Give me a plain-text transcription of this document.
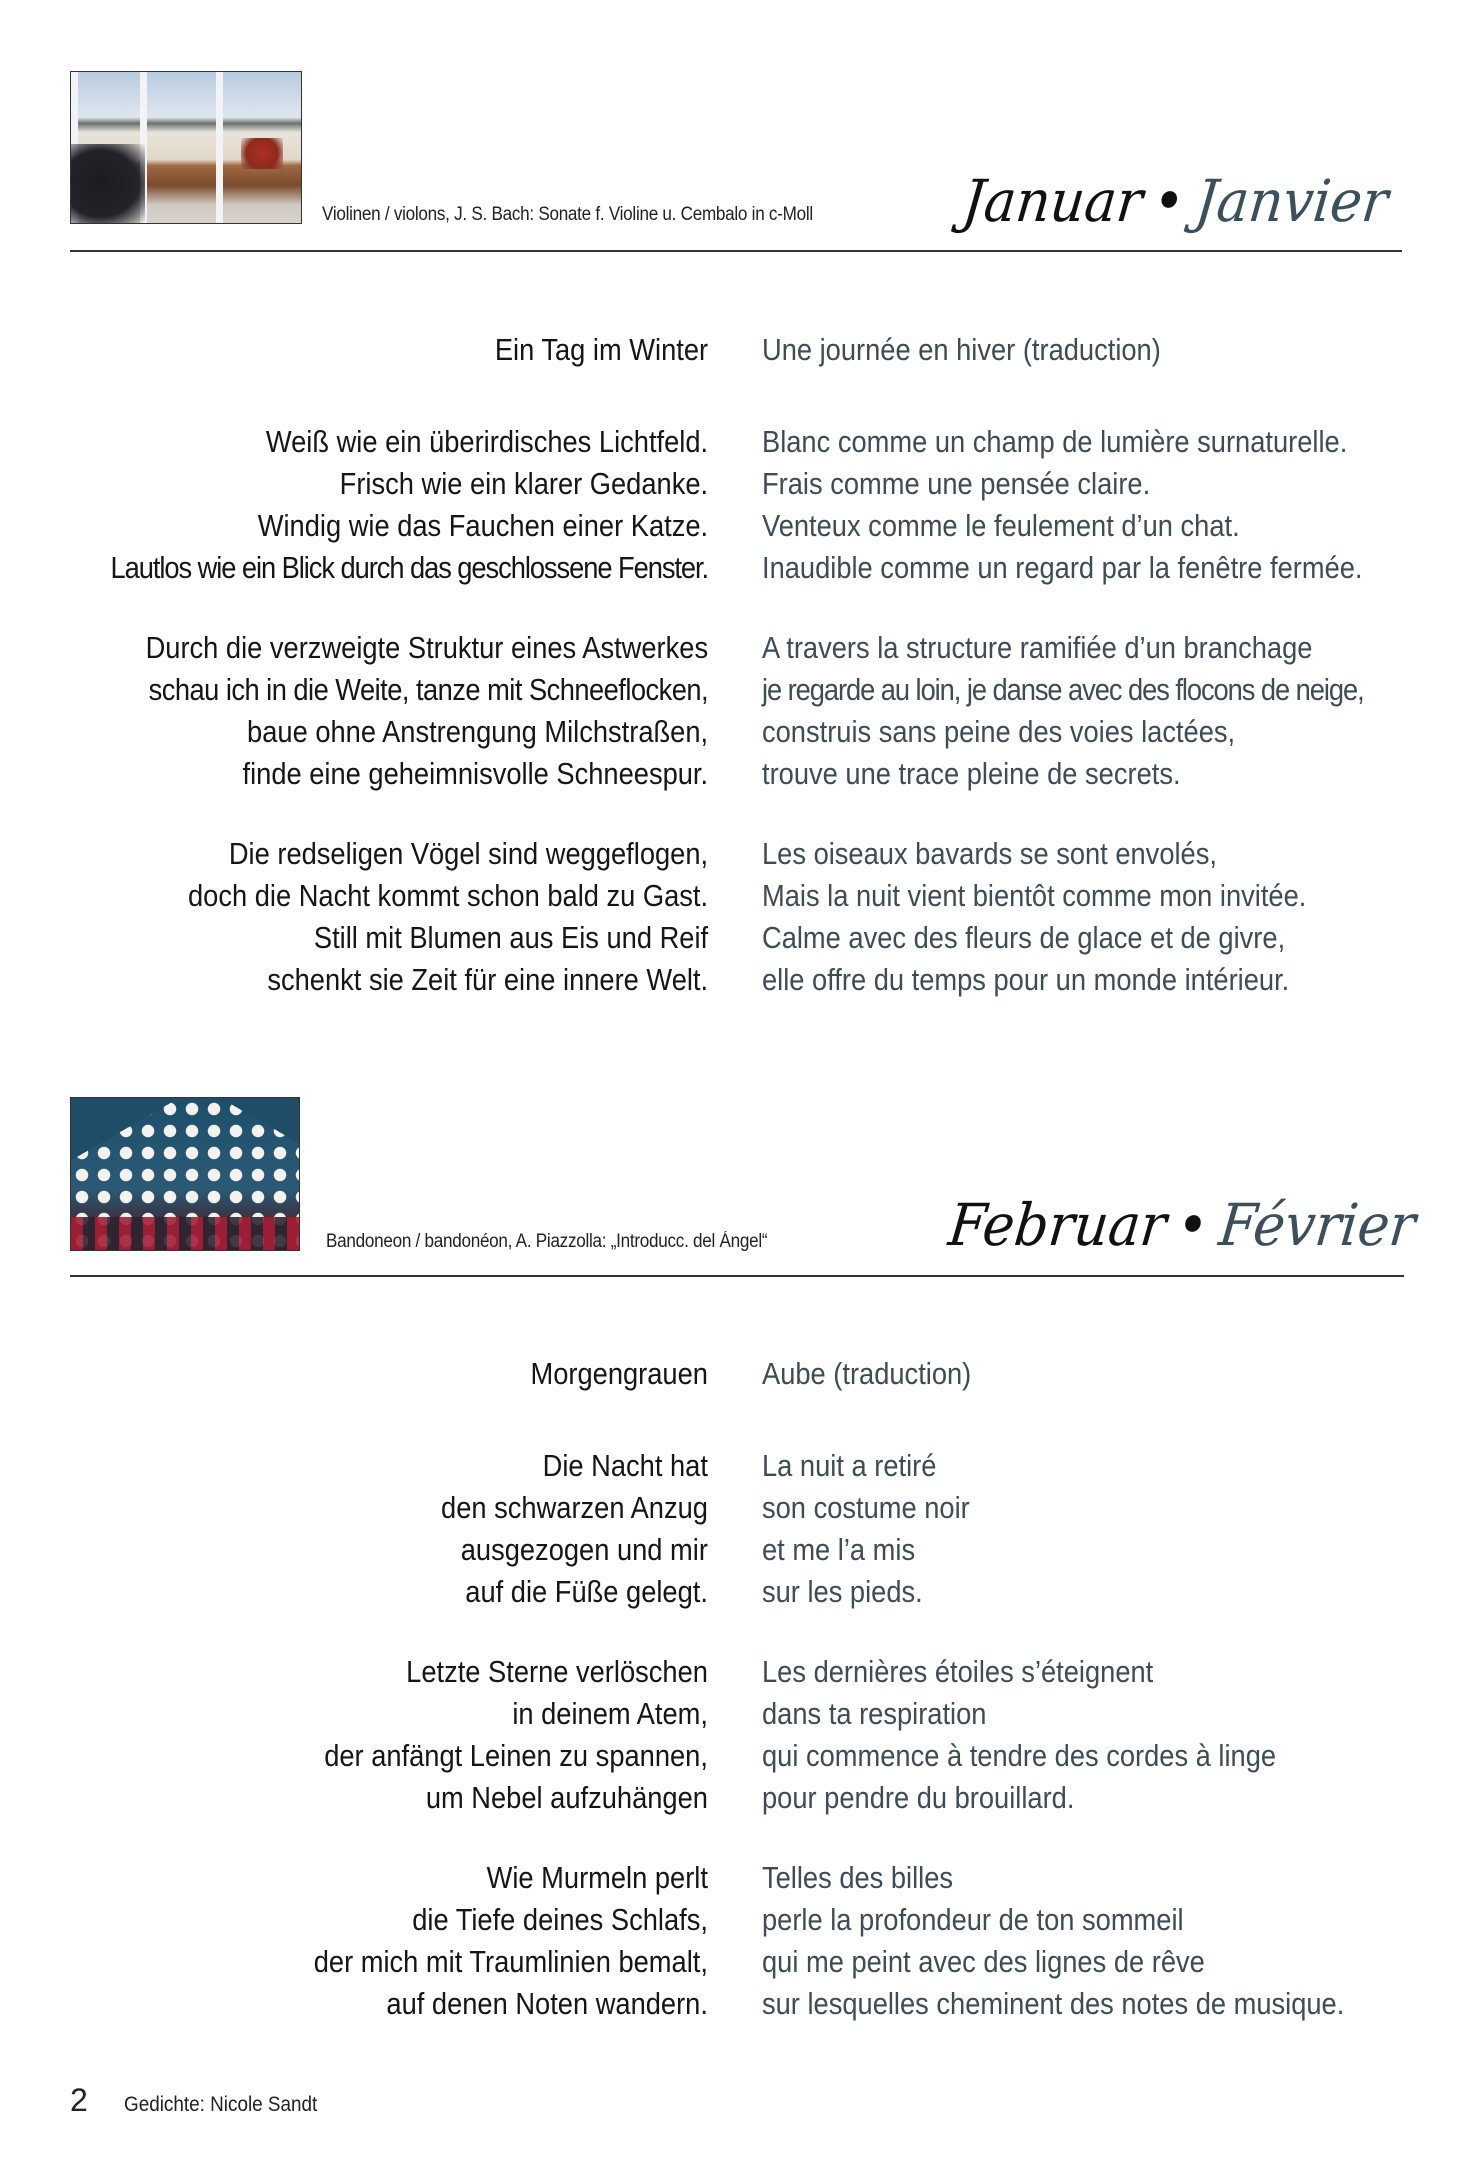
Violinen / violons, J. S. Bach: Sonate f. Violine u. Cembalo in c-Moll	Januar•Janvier
Ein Tag im Winter
Weiß wie ein überirdisches Lichtfeld.
Frisch wie ein klarer Gedanke.
Windig wie das Fauchen einer Katze.
Lautlos wie ein Blick durch das geschlossene Fenster.
Durch die verzweigte Struktur eines Astwerkes
schau ich in die Weite, tanze mit Schneeflocken,
baue ohne Anstrengung Milchstraßen,
finde eine geheimnisvolle Schneespur.
Die redseligen Vögel sind weggeflogen,
doch die Nacht kommt schon bald zu Gast.
Still mit Blumen aus Eis und Reif
schenkt sie Zeit für eine innere Welt.
Une journée en hiver (traduction)
Blanc comme un champ de lumière surnaturelle.
Frais comme une pensée claire.
Venteux comme le feulement d’un chat.
Inaudible comme un regard par la fenêtre fermée.
A travers la structure ramifiée d’un branchage
je regarde au loin, je danse avec des flocons de neige,
construis sans peine des voies lactées,
trouve une trace pleine de secrets.
Les oiseaux bavards se sont envolés,
Mais la nuit vient bientôt comme mon invitée.
Calme avec des fleurs de glace et de givre,
elle offre du temps pour un monde intérieur.
Bandoneon / bandonéon, A. Piazzolla: „Introducc. del Ángel“	Februar•Février
Morgengrauen
Die Nacht hat
den schwarzen Anzug
ausgezogen und mir
auf die Füße gelegt.
Letzte Sterne verlöschen
in deinem Atem,
der anfängt Leinen zu spannen,
um Nebel aufzuhängen
Wie Murmeln perlt
die Tiefe deines Schlafs,
der mich mit Traumlinien bemalt,
auf denen Noten wandern.
Aube (traduction)
La nuit a retiré
son costume noir
et me l’a mis
sur les pieds.
Les dernières étoiles s’éteignent
dans ta respiration
qui commence à tendre des cordes à linge
pour pendre du brouillard.
Telles des billes
perle la profondeur de ton sommeil
qui me peint avec des lignes de rêve
sur lesquelles cheminent des notes de musique.
2 Gedichte: Nicole Sandt
